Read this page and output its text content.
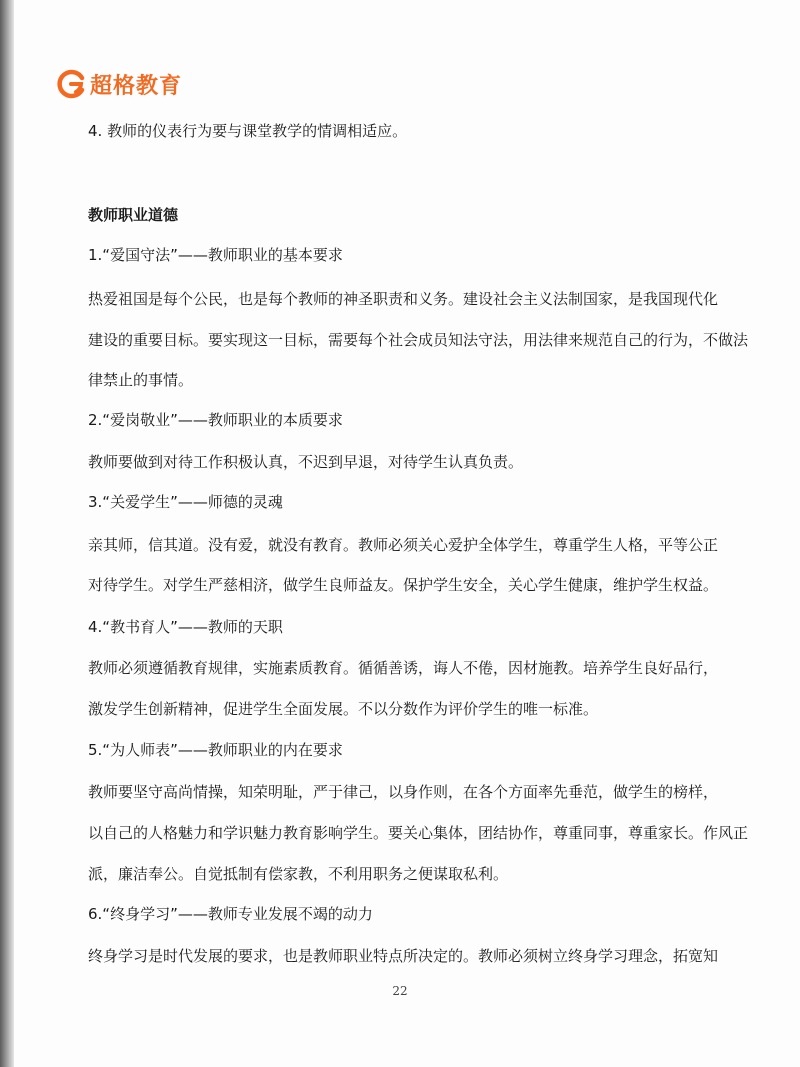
超格教育

4. 教师的仪表行为要与课堂教学的情调相适应。

教师职业道德

1.“爱国守法”——教师职业的基本要求

热爱祖国是每个公民，也是每个教师的神圣职责和义务。建设社会主义法制国家，是我国现代化

建设的重要目标。要实现这一目标，需要每个社会成员知法守法，用法律来规范自己的行为，不做法

律禁止的事情。

2.“爱岗敬业”——教师职业的本质要求

教师要做到对待工作积极认真，不迟到早退，对待学生认真负责。

3.“关爱学生”——师德的灵魂

亲其师，信其道。没有爱，就没有教育。教师必须关心爱护全体学生，尊重学生人格，平等公正

对待学生。对学生严慈相济，做学生良师益友。保护学生安全，关心学生健康，维护学生权益。

4.“教书育人”——教师的天职

教师必须遵循教育规律，实施素质教育。循循善诱，诲人不倦，因材施教。培养学生良好品行，

激发学生创新精神，促进学生全面发展。不以分数作为评价学生的唯一标准。

5.“为人师表”——教师职业的内在要求

教师要坚守高尚情操，知荣明耻，严于律己，以身作则，在各个方面率先垂范，做学生的榜样，

以自己的人格魅力和学识魅力教育影响学生。要关心集体，团结协作，尊重同事，尊重家长。作风正

派，廉洁奉公。自觉抵制有偿家教，不利用职务之便谋取私利。

6.“终身学习”——教师专业发展不竭的动力

终身学习是时代发展的要求，也是教师职业特点所决定的。教师必须树立终身学习理念，拓宽知

22
